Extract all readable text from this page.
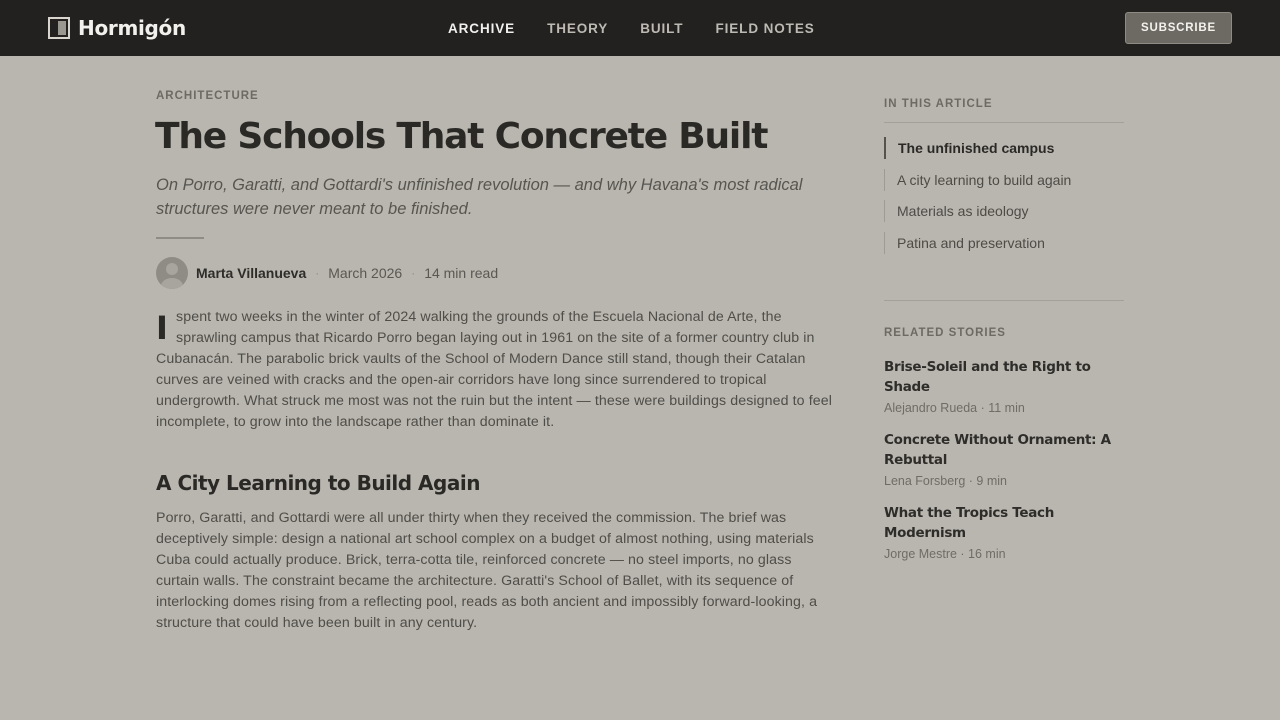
Hormigón	ARCHIVE THEORY BUILT FIELD NOTES	SUBSCRIBE
ARCHITECTURE
The Schools That Concrete Built

On Porro, Garatti, and Gottardi's unfinished revolution — and why Havana's most radical structures were never meant to be finished.

Marta Villanueva · March 2026 · 14 min read
I spent two weeks in the winter of 2024 walking the grounds of the Escuela Nacional de Arte, the sprawling campus that Ricardo Porro began laying out in 1961 on the site of a former country club in Cubanacán. The parabolic brick vaults of the School of Modern Dance still stand, though their Catalan curves are veined with cracks and the open-air corridors have long since surrendered to tropical undergrowth. What struck me most was not the ruin but the intent — these were buildings designed to feel incomplete, to grow into the landscape rather than dominate it.
A City Learning to Build Again
Porro, Garatti, and Gottardi were all under thirty when they received the commission. The brief was deceptively simple: design a national art school complex on a budget of almost nothing, using materials Cuba could actually produce. Brick, terra-cotta tile, reinforced concrete — no steel imports, no glass curtain walls. The constraint became the architecture. Garatti's School of Ballet, with its sequence of interlocking domes rising from a reflecting pool, reads as both ancient and impossibly forward-looking, a structure that could have been built in any century.
IN THIS ARTICLE
The unfinished campus
A city learning to build again
Materials as ideology
Patina and preservation
RELATED STORIES
Brise-Soleil and the Right to Shade
Alejandro Rueda · 11 min
Concrete Without Ornament: A Rebuttal
Lena Forsberg · 9 min
What the Tropics Teach Modernism
Jorge Mestre · 16 min
